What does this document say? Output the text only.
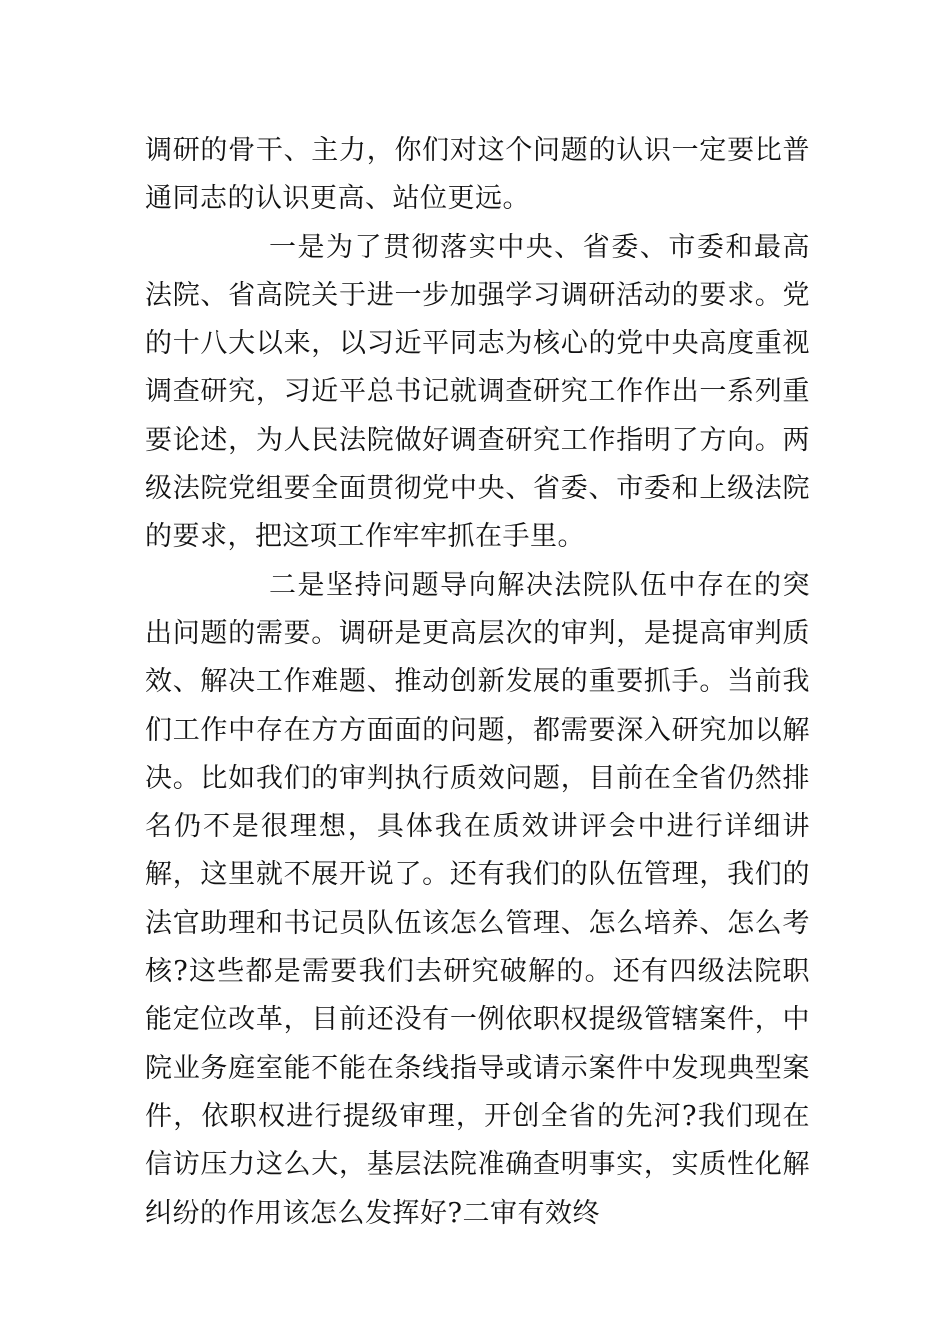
调研的骨干、主力，你们对这个问题的认识一定要比普通同志的认识更高、站位更远。

一是为了贯彻落实中央、省委、市委和最高法院、省高院关于进一步加强学习调研活动的要求。党的十八大以来，以习近平同志为核心的党中央高度重视调查研究，习近平总书记就调查研究工作作出一系列重要论述，为人民法院做好调查研究工作指明了方向。两级法院党组要全面贯彻党中央、省委、市委和上级法院的要求，把这项工作牢牢抓在手里。

二是坚持问题导向解决法院队伍中存在的突出问题的需要。调研是更高层次的审判，是提高审判质效、解决工作难题、推动创新发展的重要抓手。当前我们工作中存在方方面面的问题，都需要深入研究加以解决。比如我们的审判执行质效问题，目前在全省仍然排名仍不是很理想，具体我在质效讲评会中进行详细讲解，这里就不展开说了。还有我们的队伍管理，我们的法官助理和书记员队伍该怎么管理、怎么培养、怎么考核?这些都是需要我们去研究破解的。还有四级法院职能定位改革，目前还没有一例依职权提级管辖案件，中院业务庭室能不能在条线指导或请示案件中发现典型案件，依职权进行提级审理，开创全省的先河?我们现在信访压力这么大，基层法院准确查明事实，实质性化解纠纷的作用该怎么发挥好?二审有效终
